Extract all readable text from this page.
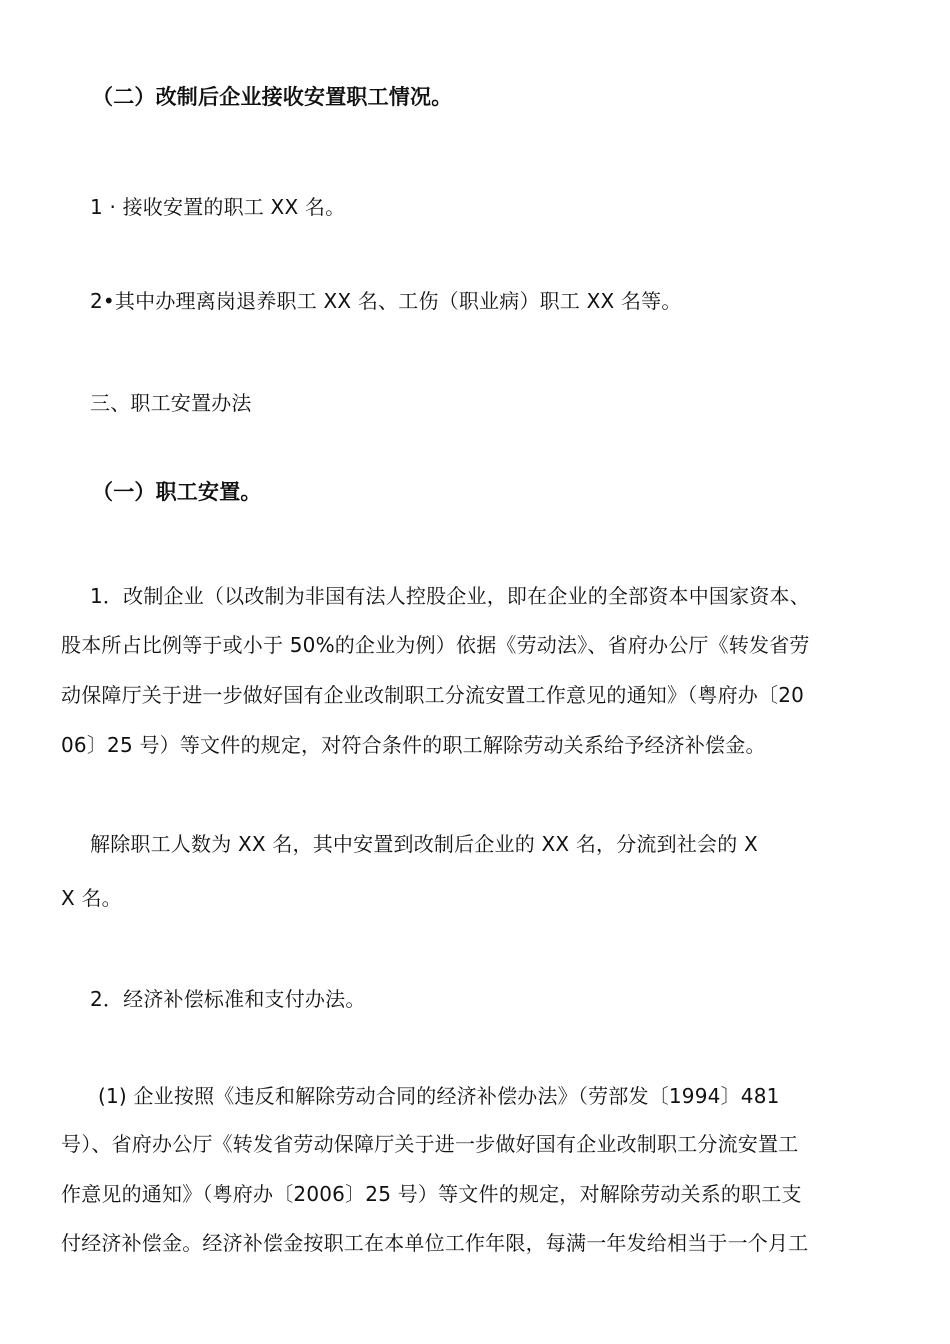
（二）改制后企业接收安置职工情况。
1 · 接收安置的职工 XX 名。
2•其中办理离岗退养职工 XX 名、工伤（职业病）职工 XX 名等。
三、职工安置办法
（一）职工安置。
1．改制企业（以改制为非国有法人控股企业，即在企业的全部资本中国家资本、
股本所占比例等于或小于 50%的企业为例）依据《劳动法》、省府办公厅《转发省劳
动保障厅关于进一步做好国有企业改制职工分流安置工作意见的通知》（粤府办〔20
06〕25 号）等文件的规定，对符合条件的职工解除劳动关系给予经济补偿金。
解除职工人数为 XX 名，其中安置到改制后企业的 XX 名，分流到社会的 X
X 名。
2．经济补偿标准和支付办法。
(1) 企业按照《违反和解除劳动合同的经济补偿办法》（劳部发〔1994〕481
号）、省府办公厅《转发省劳动保障厅关于进一步做好国有企业改制职工分流安置工
作意见的通知》（粤府办〔2006〕25 号）等文件的规定，对解除劳动关系的职工支
付经济补偿金。经济补偿金按职工在本单位工作年限，每满一年发给相当于一个月工
